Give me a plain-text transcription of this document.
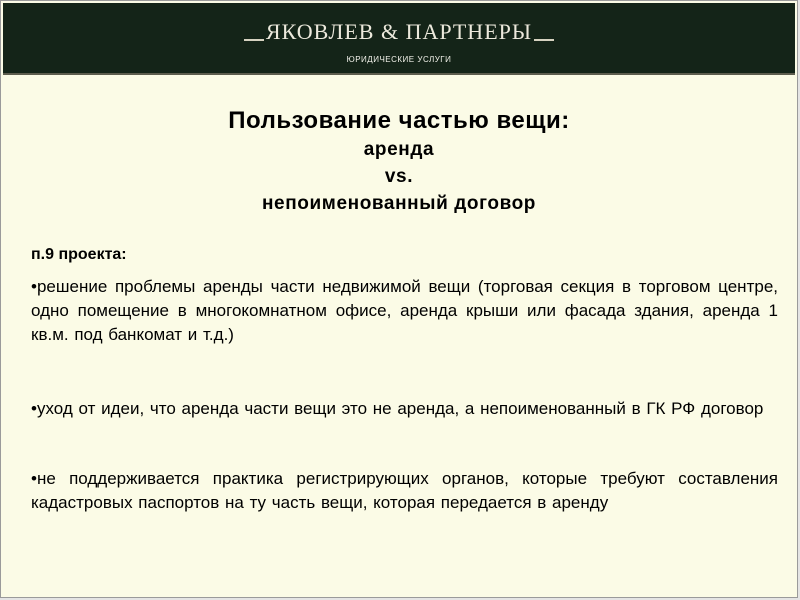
ЯКОВЛЕВ & ПАРТНЕРЫ
ЮРИДИЧЕСКИЕ УСЛУГИ
Пользование частью вещи:
аренда
vs.
непоименованный договор

п.9 проекта:

•решение проблемы аренды части недвижимой вещи (торговая секция в торговом центре, одно помещение в многокомнатном офисе, аренда крыши или фасада здания, аренда 1 кв.м. под банкомат и т.д.)

•уход от идеи, что аренда части вещи это не аренда, а непоименованный в ГК РФ договор

•не поддерживается практика регистрирующих органов, которые требуют составления кадастровых паспортов на ту часть вещи, которая передается в аренду
